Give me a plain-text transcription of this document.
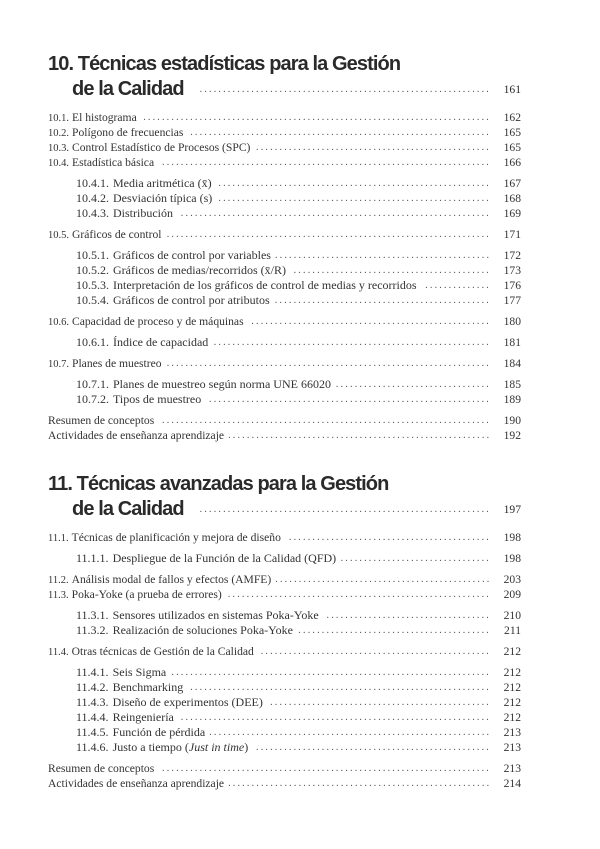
10. Técnicas estadísticas para la Gestión
de la Calidad	..............................................................	161
10.1. El histograma ..........................................................................	162
10.2. Polígono de frecuencias ................................................................	165
10.3. Control Estadístico de Procesos (SPC) ..................................................	165
10.4. Estadística básica ......................................................................	166
10.4.1. Media aritmética (x̄) ..........................................................	167
10.4.2. Desviación típica (s) ..........................................................	168
10.4.3. Distribución ..................................................................	169
10.5. Gráficos de control .....................................................................	171
10.5.1. Gráficos de control por variables ..............................................	172
10.5.2. Gráficos de medias/recorridos (x̄/R) ..........................................	173
10.5.3. Interpretación de los gráficos de control de medias y recorridos ..............	176
10.5.4. Gráficos de control por atributos ..............................................	177
10.6. Capacidad de proceso y de máquinas ...................................................	180
10.6.1. Índice de capacidad ...........................................................	181
10.7. Planes de muestreo .....................................................................	184
10.7.1. Planes de muestreo según norma UNE 66020 .................................	185
10.7.2. Tipos de muestreo ............................................................	189
Resumen de conceptos ......................................................................	190
Actividades de enseñanza aprendizaje ........................................................	192
11. Técnicas avanzadas para la Gestión
de la Calidad	..............................................................	197
11.1. Técnicas de planificación y mejora de diseño ...........................................	198
11.1.1. Despliegue de la Función de la Calidad (QFD) ................................	198
11.2. Análisis modal de fallos y efectos (AMFE) ..............................................	203
11.3. Poka-Yoke (a prueba de errores) ........................................................	209
11.3.1. Sensores utilizados en sistemas Poka-Yoke ...................................	210
11.3.2. Realización de soluciones Poka-Yoke .........................................	211
11.4. Otras técnicas de Gestión de la Calidad .................................................	212
11.4.1. Seis Sigma ....................................................................	212
11.4.2. Benchmarking ................................................................	212
11.4.3. Diseño de experimentos (DEE) ...............................................	212
11.4.4. Reingeniería ..................................................................	212
11.4.5. Función de pérdida ............................................................	213
11.4.6. Justo a tiempo (Just in time) ..................................................	213
Resumen de conceptos ......................................................................	213
Actividades de enseñanza aprendizaje ........................................................	214
